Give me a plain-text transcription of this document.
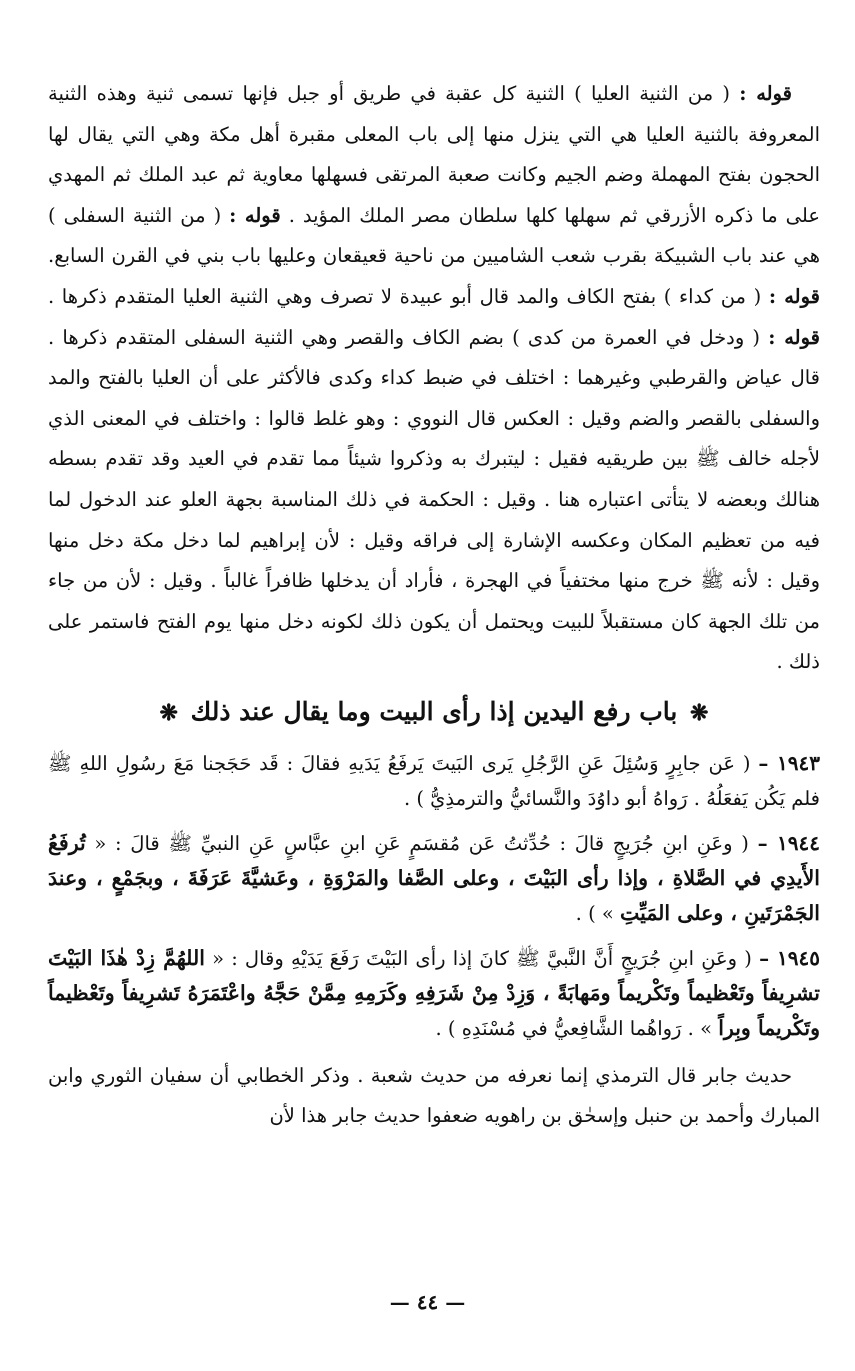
قوله : ( من الثنية العليا ) الثنية كل عقبة في طريق أو جبل فإنها تسمى ثنية وهذه الثنية المعروفة بالثنية العليا هي التي ينزل منها إلى باب المعلى مقبرة أهل مكة وهي التي يقال لها الحجون بفتح المهملة وضم الجيم وكانت صعبة المرتقى فسهلها معاوية ثم عبد الملك ثم المهدي على ما ذكره الأزرقي ثم سهلها كلها سلطان مصر الملك المؤيد . قوله : ( من الثنية السفلى ) هي عند باب الشبيكة بقرب شعب الشاميين من ناحية قعيقعان وعليها باب بني في القرن السابع. قوله : ( من كداء ) بفتح الكاف والمد قال أبو عبيدة لا تصرف وهي الثنية العليا المتقدم ذكرها . قوله : ( ودخل في العمرة من كدى ) بضم الكاف والقصر وهي الثنية السفلى المتقدم ذكرها . قال عياض والقرطبي وغيرهما : اختلف في ضبط كداء وكدى فالأكثر على أن العليا بالفتح والمد والسفلى بالقصر والضم وقيل : العكس قال النووي : وهو غلط قالوا : واختلف في المعنى الذي لأجله خالف ﷺ بين طريقيه فقيل : ليتبرك به وذكروا شيئاً مما تقدم في العيد وقد تقدم بسطه هنالك وبعضه لا يتأتى اعتباره هنا . وقيل : الحكمة في ذلك المناسبة بجهة العلو عند الدخول لما فيه من تعظيم المكان وعكسه الإشارة إلى فراقه وقيل : لأن إبراهيم لما دخل مكة دخل منها وقيل : لأنه ﷺ خرج منها مختفياً في الهجرة ، فأراد أن يدخلها ظافراً غالباً . وقيل : لأن من جاء من تلك الجهة كان مستقبلاً للبيت ويحتمل أن يكون ذلك لكونه دخل منها يوم الفتح فاستمر على ذلك .

❋ باب رفع اليدين إذا رأى البيت وما يقال عند ذلك ❋

١٩٤٣ – ( عَن جابِرٍ وَسُئِلَ عَنِ الرَّجُلِ يَرى البَيتَ يَرفَعُ يَدَيهِ فقالَ : قَد حَجَجنا مَعَ رسُولِ اللهِ ﷺ فلم يَكُن يَفعَلُهُ . رَواهُ أبو داوُدَ والنَّسائيُّ والترمذِيُّ ) .

١٩٤٤ – ( وعَنِ ابنِ جُرَيجٍ قالَ : حُدِّثتُ عَن مُقسَمٍ عَنِ ابنِ عبَّاسٍ عَنِ النبيِّ ﷺ قالَ : « تُرفَعُ الأَيدِي في الصَّلاةِ ، وإذا رأى البَيْتَ ، وعلى الصَّفا والمَرْوَةِ ، وعَشيَّةَ عَرَفَةَ ، وبجَمْعٍ ، وعندَ الجَمْرَتَينِ ، وعلى المَيِّتِ » ) .

١٩٤٥ – ( وعَنِ ابنِ جُرَيجٍ أَنَّ النَّبيَّ ﷺ كانَ إذا رأى البَيْتَ رَفَعَ يَدَيْهِ وقال : « اللهُمَّ زِدْ هٰذَا البَيْتَ تشرِيفاً وتَعْظيماً وتَكْريماً ومَهابَةً ، وَزِدْ مِنْ شَرَفِهِ وكَرَمِهِ مِمَّنْ حَجَّهُ واعْتَمَرَهُ تَشرِيفاً وتَعْظيماً وتَكْريماً وبِراً » . رَواهُما الشَّافِعيُّ في مُسْنَدِهِ ) .

حديث جابر قال الترمذي إنما نعرفه من حديث شعبة . وذكر الخطابي أن سفيان الثوري وابن المبارك وأحمد بن حنبل وإسحٰق بن راهويه ضعفوا حديث جابر هذا لأن

— ٤٤ —
